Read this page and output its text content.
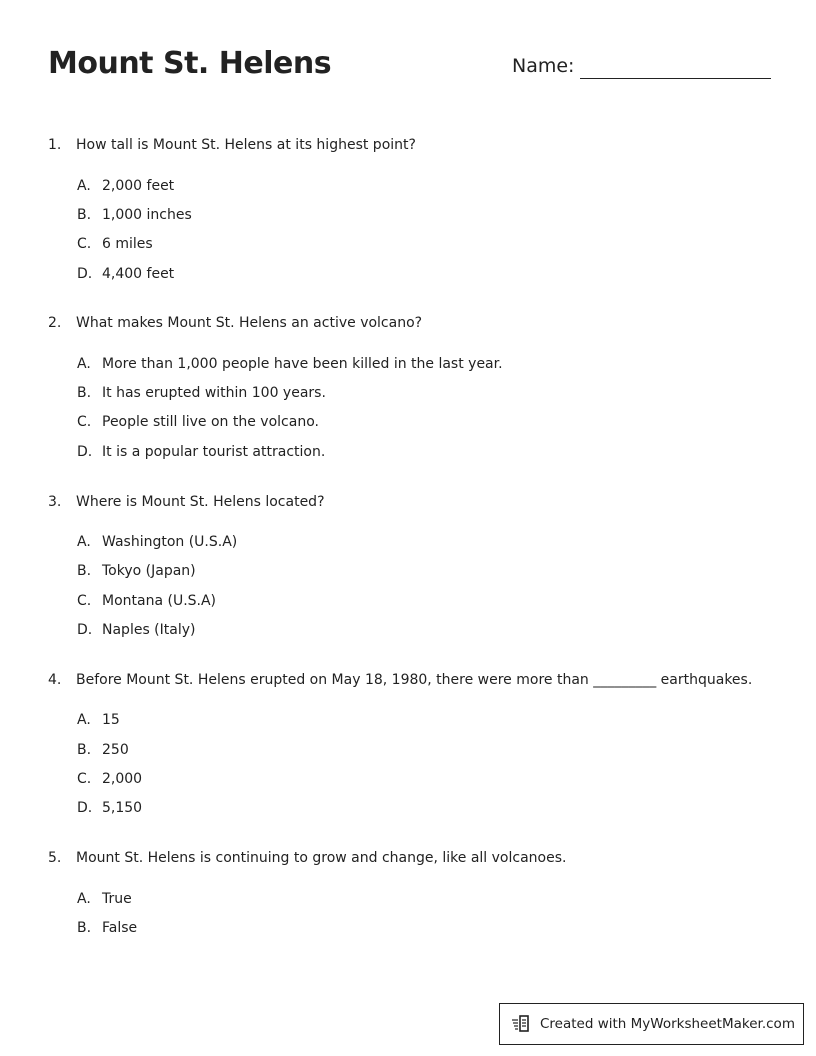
Mount St. Helens	Name:
1. How tall is Mount St. Helens at its highest point?
A. 2,000 feet
B. 1,000 inches
C. 6 miles
D. 4,400 feet
2. What makes Mount St. Helens an active volcano?
A. More than 1,000 people have been killed in the last year.
B. It has erupted within 100 years.
C. People still live on the volcano.
D. It is a popular tourist attraction.
3. Where is Mount St. Helens located?
A. Washington (U.S.A)
B. Tokyo (Japan)
C. Montana (U.S.A)
D. Naples (Italy)
4. Before Mount St. Helens erupted on May 18, 1980, there were more than _________ earthquakes.
A. 15
B. 250
C. 2,000
D. 5,150
5. Mount St. Helens is continuing to grow and change, like all volcanoes.
A. True
B. False
Created with MyWorksheetMaker.com
